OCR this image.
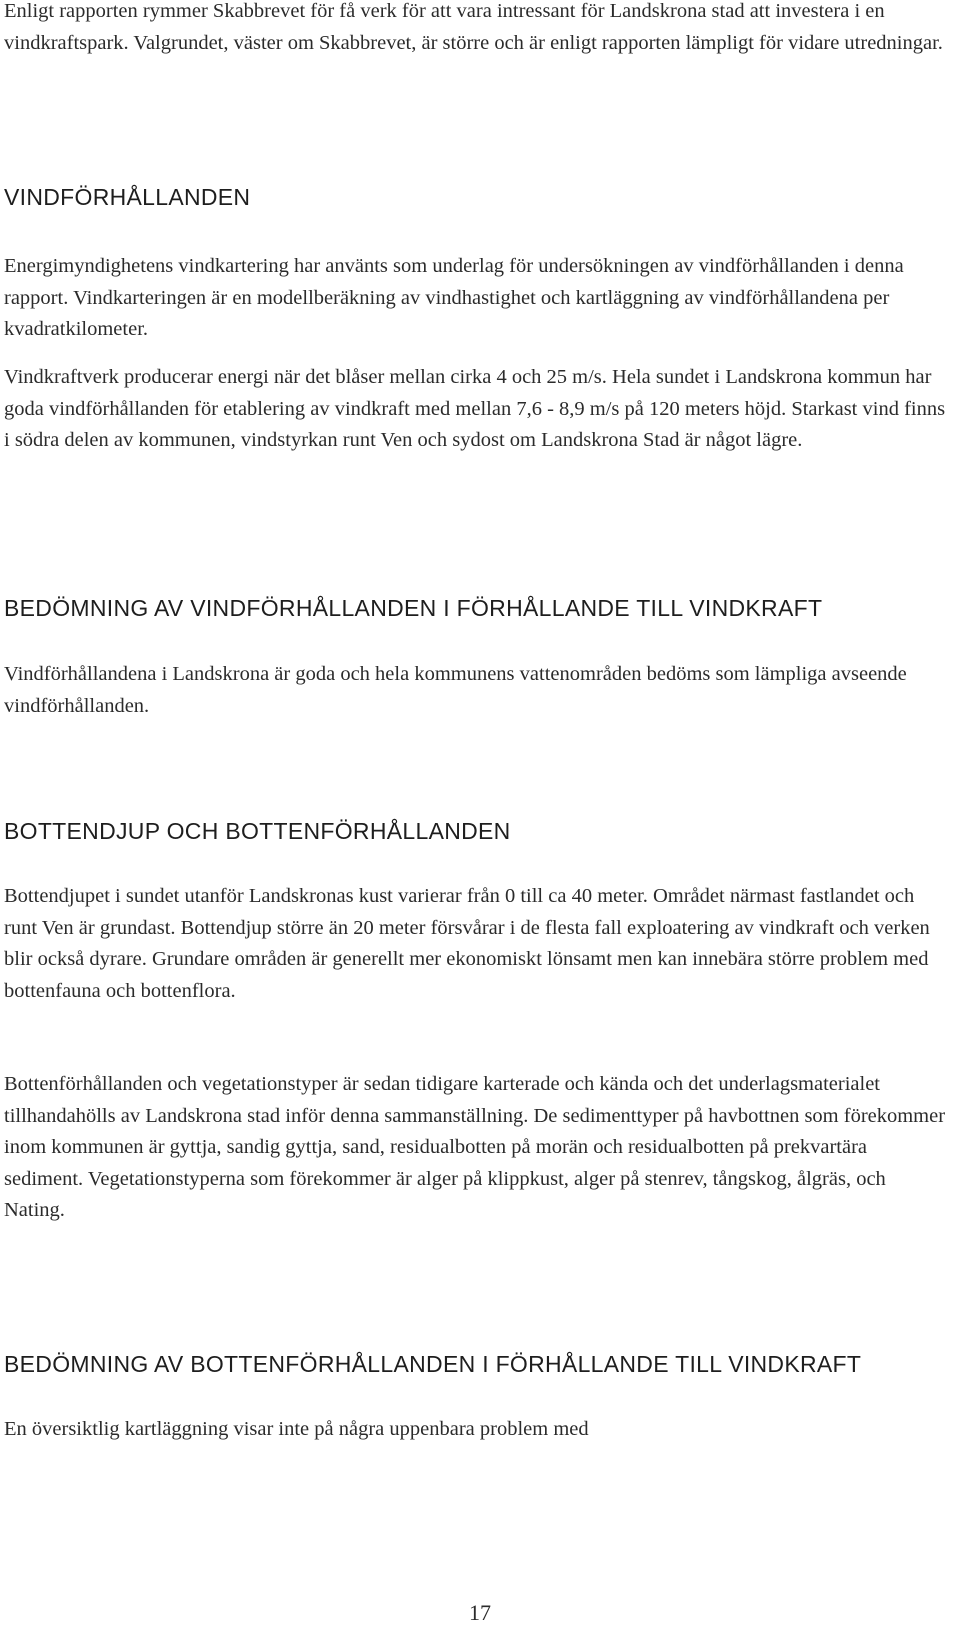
Enligt rapporten rymmer Skabbrevet för få verk för att vara intressant för Landskrona stad att investera i en vindkraftspark. Valgrundet, väster om Skabbrevet, är större och är enligt rapporten lämpligt för vidare utredningar.

VINDFÖRHÅLLANDEN

Energimyndighetens vindkartering har använts som underlag för undersökningen av vindförhållanden i denna rapport. Vindkarteringen är en modellberäkning av vindhastighet och kartläggning av vindförhållandena per kvadratkilometer.

Vindkraftverk producerar energi när det blåser mellan cirka 4 och 25 m/s. Hela sundet i Landskrona kommun har goda vindförhållanden för etablering av vindkraft med mellan 7,6 - 8,9 m/s på 120 meters höjd. Starkast vind finns i södra delen av kommunen, vindstyrkan runt Ven och sydost om Landskrona Stad är något lägre.

BEDÖMNING AV VINDFÖRHÅLLANDEN I FÖRHÅLLANDE TILL VINDKRAFT

Vindförhållandena i Landskrona är goda och hela kommunens vattenområden bedöms som lämpliga avseende vindförhållanden.

BOTTENDJUP OCH BOTTENFÖRHÅLLANDEN

Bottendjupet i sundet utanför Landskronas kust varierar från 0 till ca 40 meter. Området närmast fastlandet och runt Ven är grundast. Bottendjup större än 20 meter försvårar i de flesta fall exploatering av vindkraft och verken blir också dyrare. Grundare områden är generellt mer ekonomiskt lönsamt men kan innebära större problem med bottenfauna och bottenflora.

Bottenförhållanden och vegetationstyper är sedan tidigare karterade och kända och det underlagsmaterialet tillhandahölls av Landskrona stad inför denna sammanställning. De sedimenttyper på havbottnen som förekommer inom kommunen är gyttja, sandig gyttja, sand, residualbotten på morän och residualbotten på prekvartära sediment. Vegetationstyperna som förekommer är alger på klippkust, alger på stenrev, tångskog, ålgräs, och Nating.

BEDÖMNING AV BOTTENFÖRHÅLLANDEN I FÖRHÅLLANDE TILL VINDKRAFT

En översiktlig kartläggning visar inte på några uppenbara problem med

17
